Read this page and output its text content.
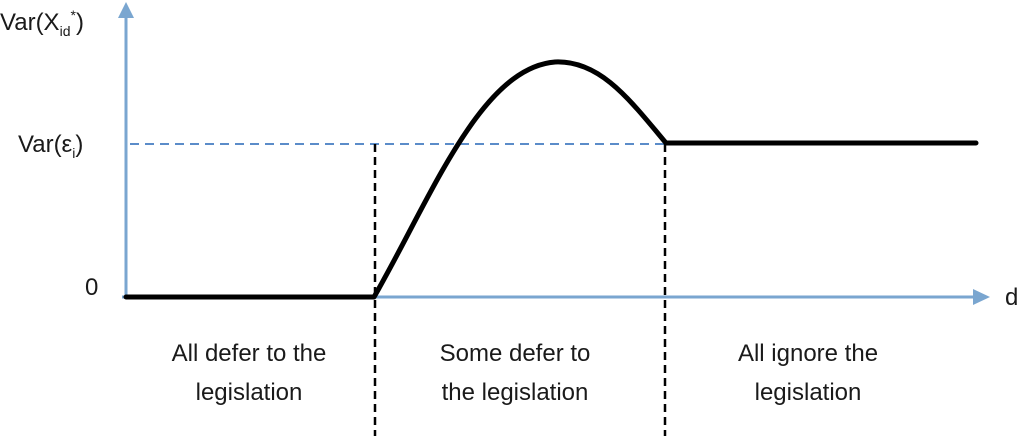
$Var(X_{id}^*)$
$Var(\varepsilon_i)$
0	d
All defer to the
legislation
Some defer to
the legislation
All ignore the
legislation
